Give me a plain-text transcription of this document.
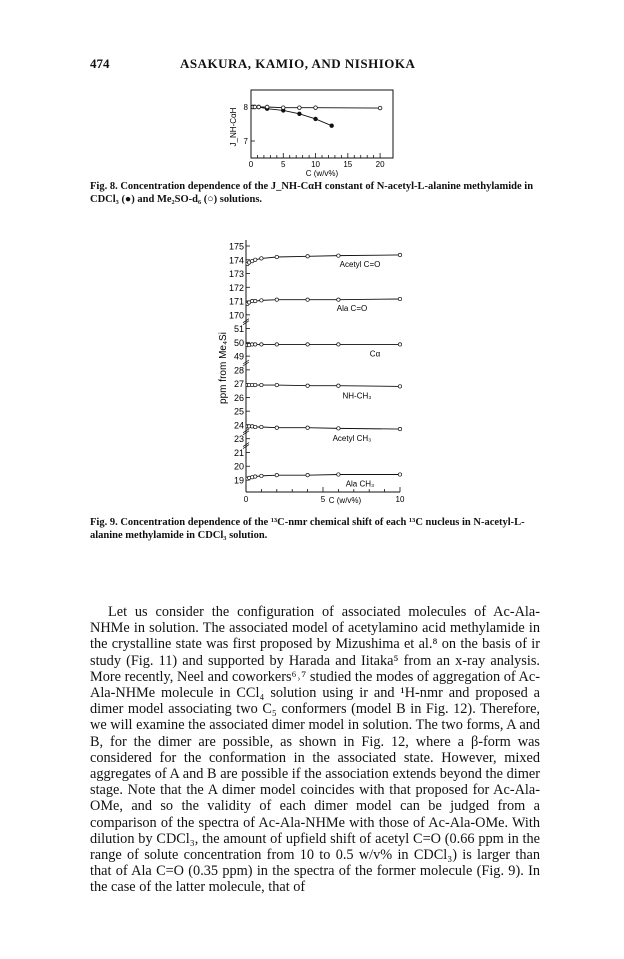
474	ASAKURA, KAMIO, AND NISHIOKA
0	5	10	15	20
8
7
J_NH-CαH
C (w/v%)
Fig. 8. Concentration dependence of the J_NH-CαH constant of N-acetyl-L-alanine methylamide in CDCl₃ (●) and Me₂SO-d₆ (○) solutions.
0	5	10
175
174
173
172
171
170
51
50
49
28
27
26
25
24
23
21
20
19
Acetyl C=O
Ala C=O
Cα
NH-CH₃
Acetyl CH₃
Ala CH₃
ppm from Me₄Si
C (w/v%)
Fig. 9. Concentration dependence of the ¹³C-nmr chemical shift of each ¹³C nucleus in N-acetyl-L-alanine methylamide in CDCl₃ solution.

Let us consider the configuration of associated molecules of Ac-Ala-NHMe in solution. The associated model of acetylamino acid methylamide in the crystalline state was first proposed by Mizushima et al.⁸ on the basis of ir study (Fig. 11) and supported by Harada and Iitaka⁵ from an x-ray analysis. More recently, Neel and coworkers⁶˒⁷ studied the modes of aggregation of Ac-Ala-NHMe molecule in CCl₄ solution using ir and ¹H-nmr and proposed a dimer model associating two C₅ conformers (model B in Fig. 12). Therefore, we will examine the associated dimer model in solution. The two forms, A and B, for the dimer are possible, as shown in Fig. 12, where a β-form was considered for the conformation in the associated state. However, mixed aggregates of A and B are possible if the association extends beyond the dimer stage. Note that the A dimer model coincides with that proposed for Ac-Ala-OMe, and so the validity of each dimer model can be judged from a comparison of the spectra of Ac-Ala-NHMe with those of Ac-Ala-OMe. With dilution by CDCl₃, the amount of upfield shift of acetyl C=O (0.66 ppm in the range of solute concentration from 10 to 0.5 w/v% in CDCl₃) is larger than that of Ala C=O (0.35 ppm) in the spectra of the former molecule (Fig. 9). In the case of the latter molecule, that of
